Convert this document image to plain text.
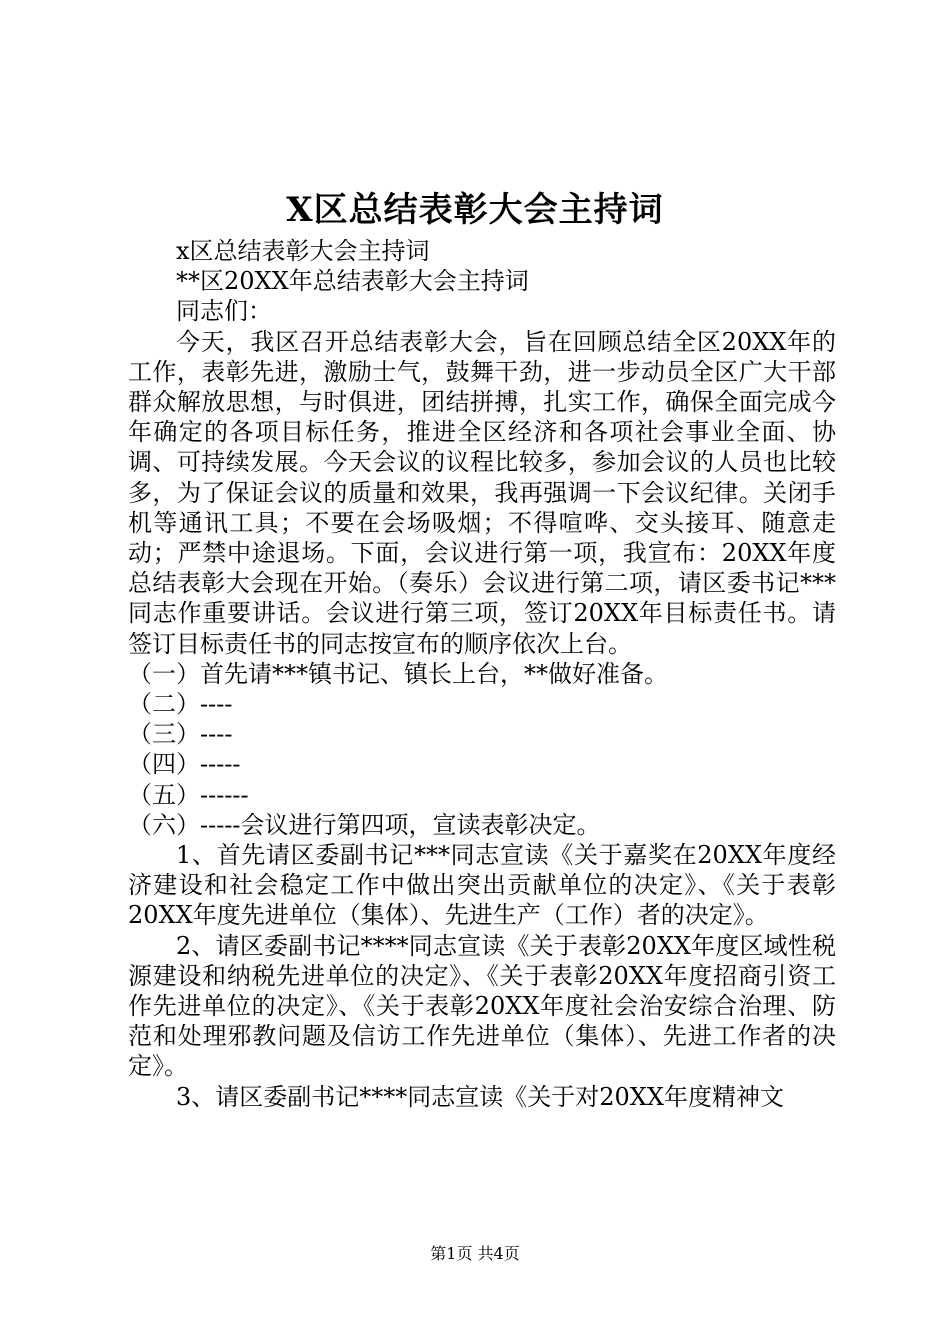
X区总结表彰大会主持词

x区总结表彰大会主持词

**区20XX年总结表彰大会主持词

同志们：

今天，我区召开总结表彰大会，旨在回顾总结全区20XX年的工作，表彰先进，激励士气，鼓舞干劲，进一步动员全区广大干部群众解放思想，与时俱进，团结拼搏，扎实工作，确保全面完成今年确定的各项目标任务，推进全区经济和各项社会事业全面、协调、可持续发展。今天会议的议程比较多，参加会议的人员也比较多，为了保证会议的质量和效果，我再强调一下会议纪律。关闭手机等通讯工具；不要在会场吸烟；不得喧哗、交头接耳、随意走动；严禁中途退场。下面，会议进行第一项，我宣布：20XX年度总结表彰大会现在开始。（奏乐）会议进行第二项，请区委书记***同志作重要讲话。会议进行第三项，签订20XX年目标责任书。请签订目标责任书的同志按宣布的顺序依次上台。

（一）首先请***镇书记、镇长上台，**做好准备。

（二）----

（三）----

（四）-----

（五）------

（六）-----会议进行第四项，宣读表彰决定。

1、首先请区委副书记***同志宣读《关于嘉奖在20XX年度经济建设和社会稳定工作中做出突出贡献单位的决定》、《关于表彰20XX年度先进单位（集体）、先进生产（工作）者的决定》。

2、请区委副书记****同志宣读《关于表彰20XX年度区域性税源建设和纳税先进单位的决定》、《关于表彰20XX年度招商引资工作先进单位的决定》、《关于表彰20XX年度社会治安综合治理、防范和处理邪教问题及信访工作先进单位（集体）、先进工作者的决定》。

3、请区委副书记****同志宣读《关于对20XX年度精神文

第1页 共4页
